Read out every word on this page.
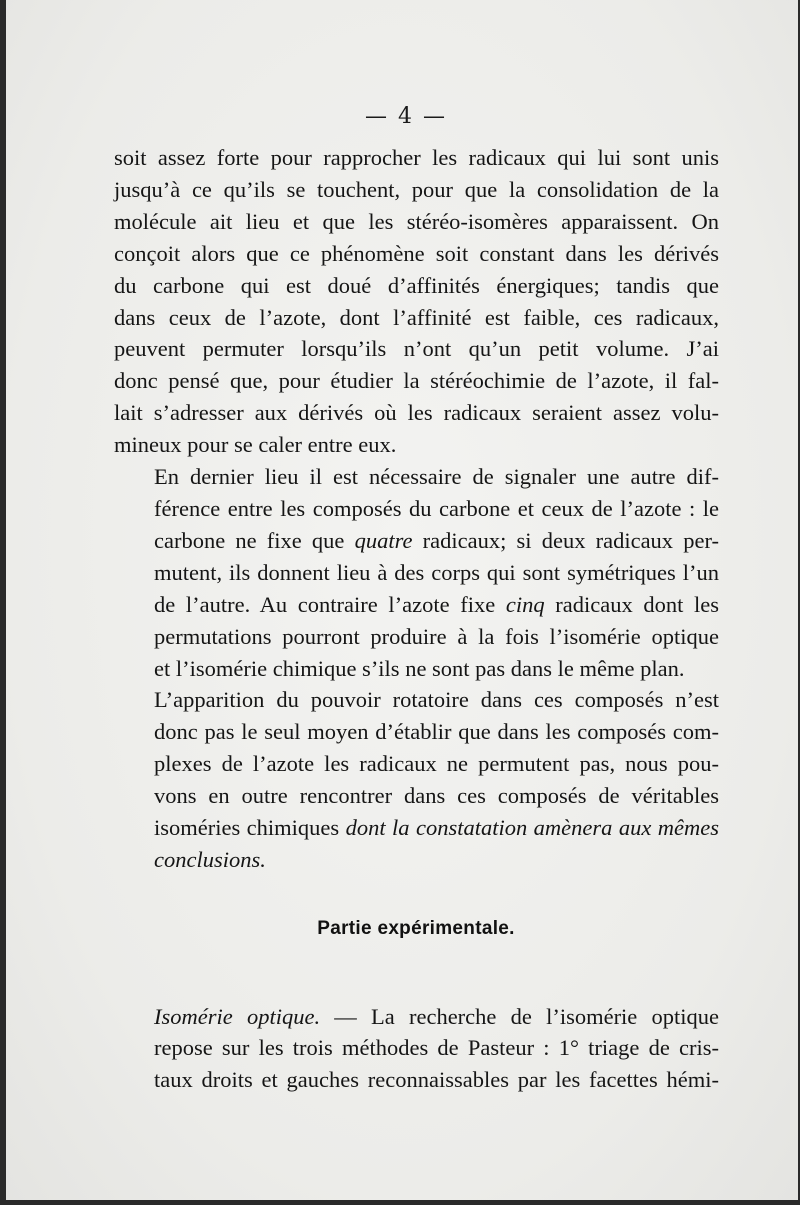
— 4 —

soit assez forte pour rapprocher les radicaux qui lui sont unis
jusqu’à ce qu’ils se touchent, pour que la consolidation de la
molécule ait lieu et que les stéréo-isomères apparaissent. On
conçoit alors que ce phénomène soit constant dans les dérivés
du carbone qui est doué d’affinités énergiques; tandis que
dans ceux de l’azote, dont l’affinité est faible, ces radicaux,
peuvent permuter lorsqu’ils n’ont qu’un petit volume. J’ai
donc pensé que, pour étudier la stéréochimie de l’azote, il fal-
lait s’adresser aux dérivés où les radicaux seraient assez volu-
mineux pour se caler entre eux.

En dernier lieu il est nécessaire de signaler une autre dif-
férence entre les composés du carbone et ceux de l’azote : le
carbone ne fixe que quatre radicaux; si deux radicaux per-
mutent, ils donnent lieu à des corps qui sont symétriques l’un
de l’autre. Au contraire l’azote fixe cinq radicaux dont les
permutations pourront produire à la fois l’isomérie optique
et l’isomérie chimique s’ils ne sont pas dans le même plan.

L’apparition du pouvoir rotatoire dans ces composés n’est
donc pas le seul moyen d’établir que dans les composés com-
plexes de l’azote les radicaux ne permutent pas, nous pou-
vons en outre rencontrer dans ces composés de véritables
isoméries chimiques dont la constatation amènera aux mêmes
conclusions.

Partie expérimentale.

Isomérie optique. — La recherche de l’isomérie optique
repose sur les trois méthodes de Pasteur : 1° triage de cris-
taux droits et gauches reconnaissables par les facettes hémi-
